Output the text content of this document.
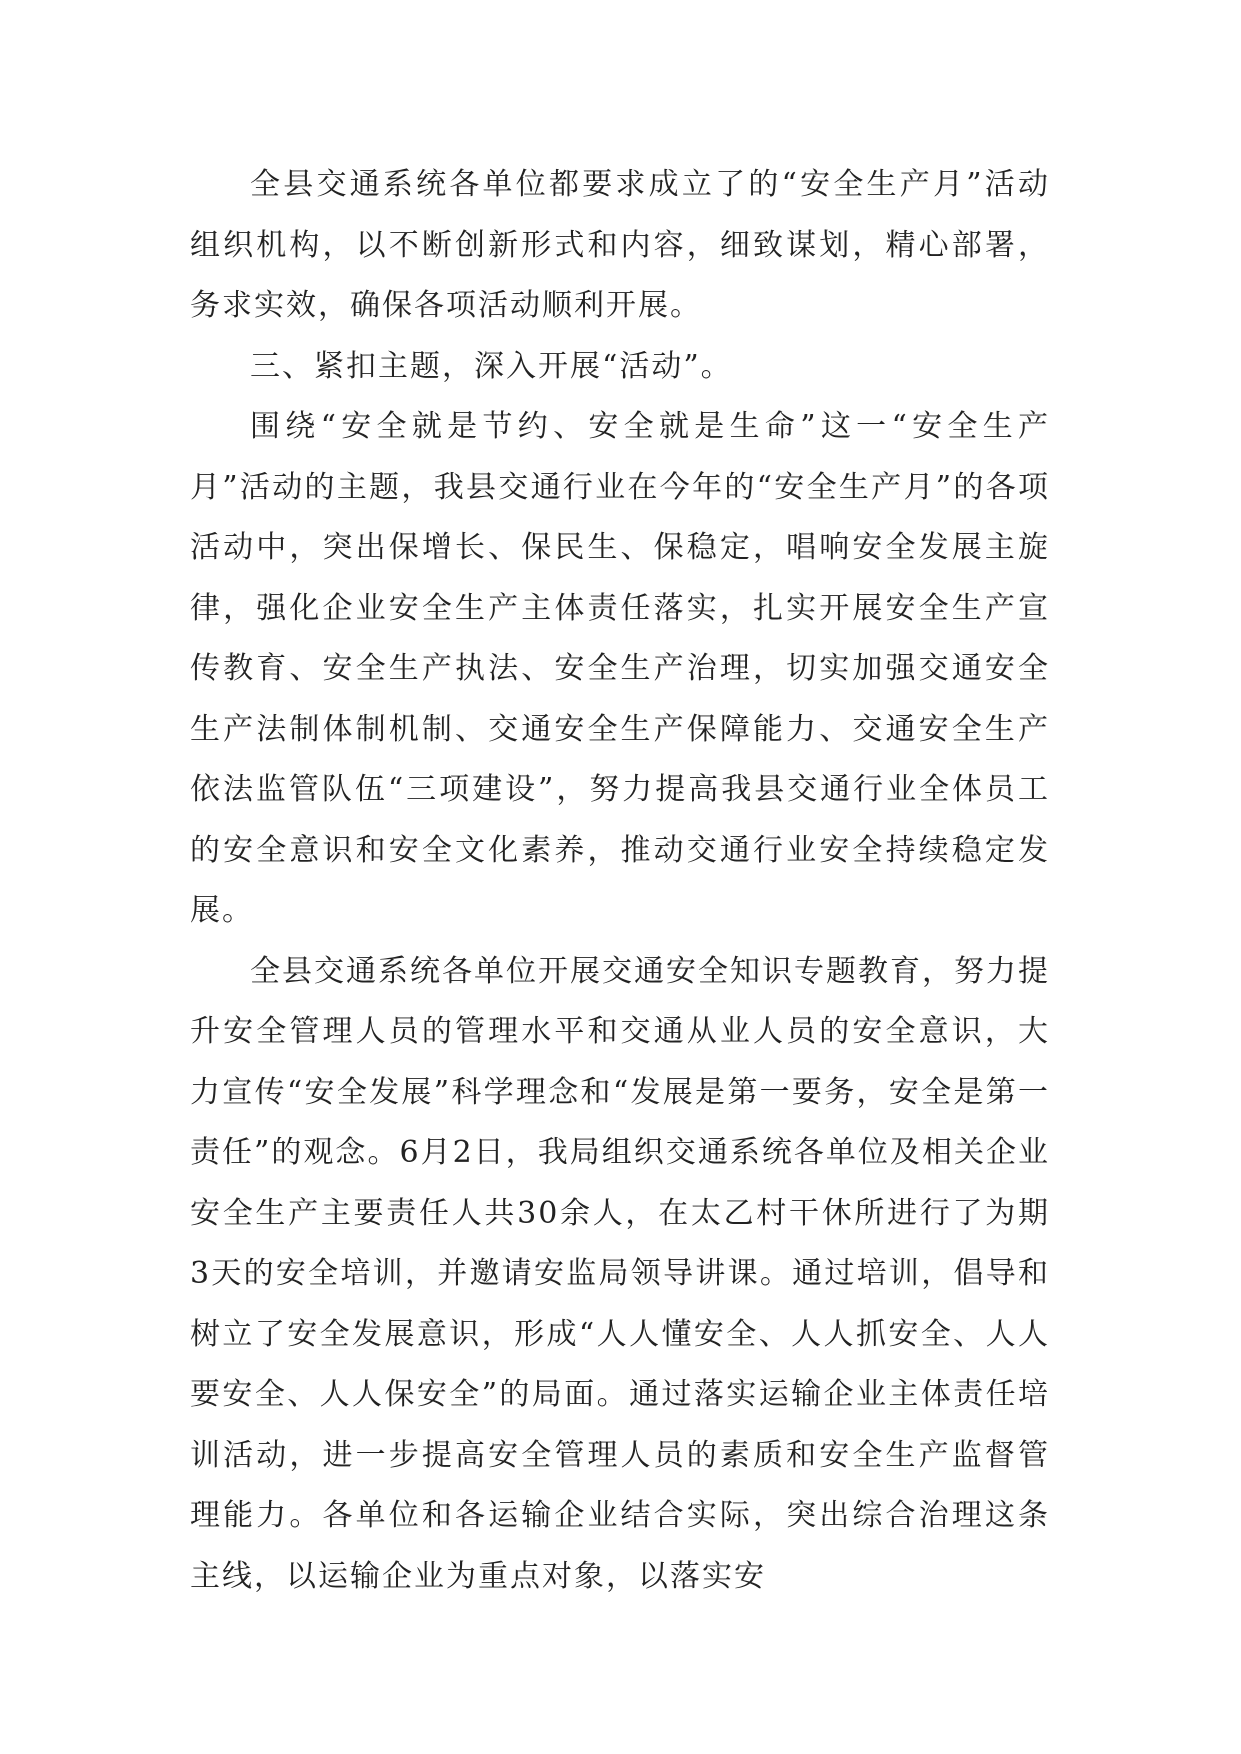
全县交通系统各单位都要求成立了的“安全生产月”活动组织机构，以不断创新形式和内容，细致谋划，精心部署，务求实效，确保各项活动顺利开展。

三、紧扣主题，深入开展“活动”。

围绕“安全就是节约、安全就是生命”这一“安全生产月”活动的主题，我县交通行业在今年的“安全生产月”的各项活动中，突出保增长、保民生、保稳定，唱响安全发展主旋律，强化企业安全生产主体责任落实，扎实开展安全生产宣传教育、安全生产执法、安全生产治理，切实加强交通安全生产法制体制机制、交通安全生产保障能力、交通安全生产依法监管队伍“三项建设”，努力提高我县交通行业全体员工的安全意识和安全文化素养，推动交通行业安全持续稳定发展。

全县交通系统各单位开展交通安全知识专题教育，努力提升安全管理人员的管理水平和交通从业人员的安全意识，大力宣传“安全发展”科学理念和“发展是第一要务，安全是第一责任”的观念。6月2日，我局组织交通系统各单位及相关企业安全生产主要责任人共30余人，在太乙村干休所进行了为期3天的安全培训，并邀请安监局领导讲课。通过培训，倡导和树立了安全发展意识，形成“人人懂安全、人人抓安全、人人要安全、人人保安全”的局面。通过落实运输企业主体责任培训活动，进一步提高安全管理人员的素质和安全生产监督管理能力。各单位和各运输企业结合实际，突出综合治理这条主线，以运输企业为重点对象，以落实安
